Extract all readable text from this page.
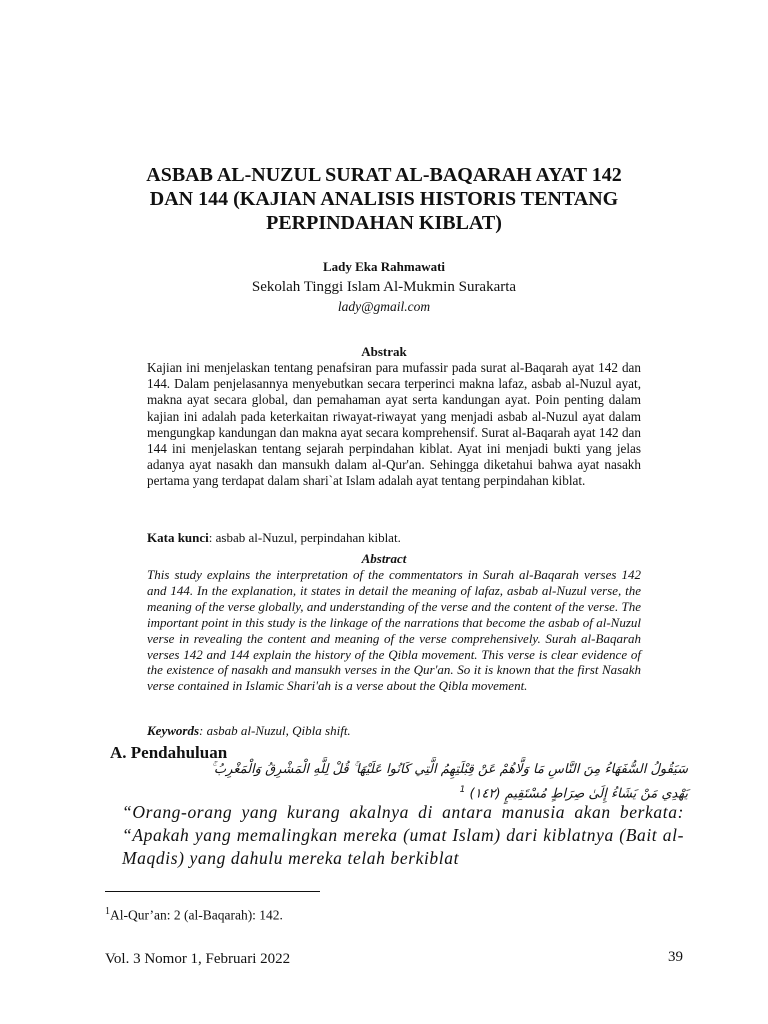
ASBAB AL-NUZUL SURAT AL-BAQARAH AYAT 142
DAN 144 (KAJIAN ANALISIS HISTORIS TENTANG
PERPINDAHAN KIBLAT)
Lady Eka Rahmawati
Sekolah Tinggi Islam Al-Mukmin Surakarta
lady@gmail.com
Abstrak

Kajian ini menjelaskan tentang penafsiran para mufassir pada surat al-Baqarah ayat 142 dan 144. Dalam penjelasannya menyebutkan secara terperinci makna lafaz, asbab al-Nuzul ayat, makna ayat secara global, dan pemahaman ayat serta kandungan ayat. Poin penting dalam kajian ini adalah pada keterkaitan riwayat-riwayat yang menjadi asbab al-Nuzul ayat dalam mengungkap kandungan dan makna ayat secara komprehensif. Surat al-Baqarah ayat 142 dan 144 ini menjelaskan tentang sejarah perpindahan kiblat. Ayat ini menjadi bukti yang jelas adanya ayat nasakh dan mansukh dalam al-Qur'an. Sehingga diketahui bahwa ayat nasakh pertama yang terdapat dalam shari`at Islam adalah ayat tentang perpindahan kiblat.

Kata kunci: asbab al-Nuzul, perpindahan kiblat.
Abstract

This study explains the interpretation of the commentators in Surah al-Baqarah verses 142 and 144. In the explanation, it states in detail the meaning of lafaz, asbab al-Nuzul verse, the meaning of the verse globally, and understanding of the verse and the content of the verse. The important point in this study is the linkage of the narrations that become the asbab of al-Nuzul verse in revealing the content and meaning of the verse comprehensively. Surah al-Baqarah verses 142 and 144 explain the history of the Qibla movement. This verse is clear evidence of the existence of nasakh and mansukh verses in the Qur'an. So it is known that the first Nasakh verse contained in Islamic Shari'ah is a verse about the Qibla movement.

Keywords: asbab al-Nuzul, Qibla shift.
A. Pendahuluan
سَيَقُولُ السُّفَهَاءُ مِنَ النَّاسِ مَا وَلَّاهُمْ عَنْ قِبْلَتِهِمُ الَّتِي كَانُوا عَلَيْهَا ۚ قُلْ لِلَّهِ الْمَشْرِقُ وَالْمَغْرِبُ ۚ
يَهْدِي مَنْ يَشَاءُ إِلَىٰ صِرَاطٍ مُسْتَقِيمٍ (١٤٢) $^1$

“Orang-orang yang kurang akalnya di antara manusia akan berkata: “Apakah yang memalingkan mereka (umat Islam) dari kiblatnya (Bait al-Maqdis) yang dahulu mereka telah berkiblat

$^1$Al-Qur’an: 2 (al-Baqarah): 142.
Vol. 3 Nomor 1, Februari 2022	39
